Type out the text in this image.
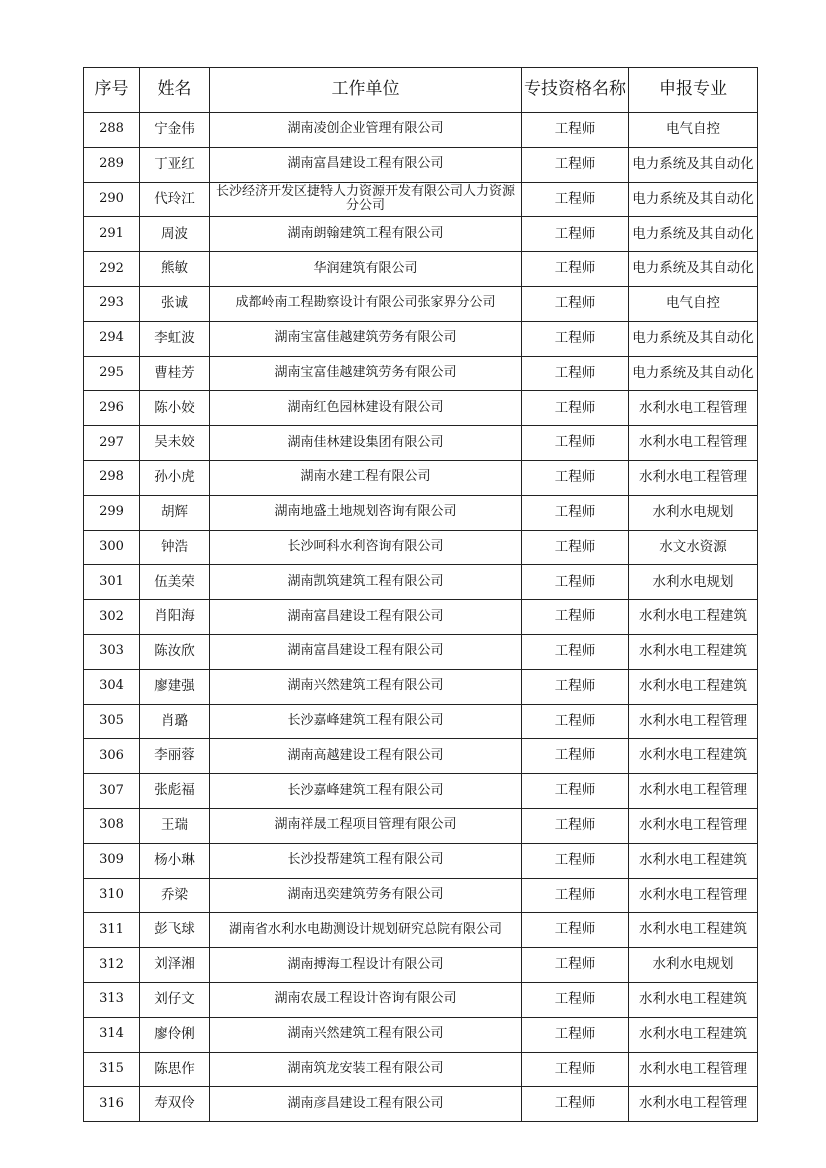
序号	姓名	工作单位	专技资格名称	申报专业
288	宁金伟	湖南凌创企业管理有限公司	工程师	电气自控
289	丁亚红	湖南富昌建设工程有限公司	工程师	电力系统及其自动化
290	代玲江	长沙经济开发区捷特人力资源开发有限公司人力资源分公司	工程师	电力系统及其自动化
291	周波	湖南朗翰建筑工程有限公司	工程师	电力系统及其自动化
292	熊敏	华润建筑有限公司	工程师	电力系统及其自动化
293	张诚	成都岭南工程勘察设计有限公司张家界分公司	工程师	电气自控
294	李虹波	湖南宝富佳越建筑劳务有限公司	工程师	电力系统及其自动化
295	曹桂芳	湖南宝富佳越建筑劳务有限公司	工程师	电力系统及其自动化
296	陈小姣	湖南红色园林建设有限公司	工程师	水利水电工程管理
297	吴未姣	湖南佳林建设集团有限公司	工程师	水利水电工程管理
298	孙小虎	湖南水建工程有限公司	工程师	水利水电工程管理
299	胡辉	湖南地盛土地规划咨询有限公司	工程师	水利水电规划
300	钟浩	长沙呵科水利咨询有限公司	工程师	水文水资源
301	伍美荣	湖南凯筑建筑工程有限公司	工程师	水利水电规划
302	肖阳海	湖南富昌建设工程有限公司	工程师	水利水电工程建筑
303	陈汝欣	湖南富昌建设工程有限公司	工程师	水利水电工程建筑
304	廖建强	湖南兴然建筑工程有限公司	工程师	水利水电工程建筑
305	肖璐	长沙嘉峰建筑工程有限公司	工程师	水利水电工程管理
306	李丽蓉	湖南高越建设工程有限公司	工程师	水利水电工程建筑
307	张彪福	长沙嘉峰建筑工程有限公司	工程师	水利水电工程管理
308	王瑞	湖南祥晟工程项目管理有限公司	工程师	水利水电工程管理
309	杨小琳	长沙投帮建筑工程有限公司	工程师	水利水电工程建筑
310	乔梁	湖南迅奕建筑劳务有限公司	工程师	水利水电工程管理
311	彭飞球	湖南省水利水电勘测设计规划研究总院有限公司	工程师	水利水电工程建筑
312	刘泽湘	湖南搏海工程设计有限公司	工程师	水利水电规划
313	刘仔文	湖南农晟工程设计咨询有限公司	工程师	水利水电工程建筑
314	廖伶俐	湖南兴然建筑工程有限公司	工程师	水利水电工程建筑
315	陈思作	湖南筑龙安装工程有限公司	工程师	水利水电工程管理
316	寿双伶	湖南彦昌建设工程有限公司	工程师	水利水电工程管理
